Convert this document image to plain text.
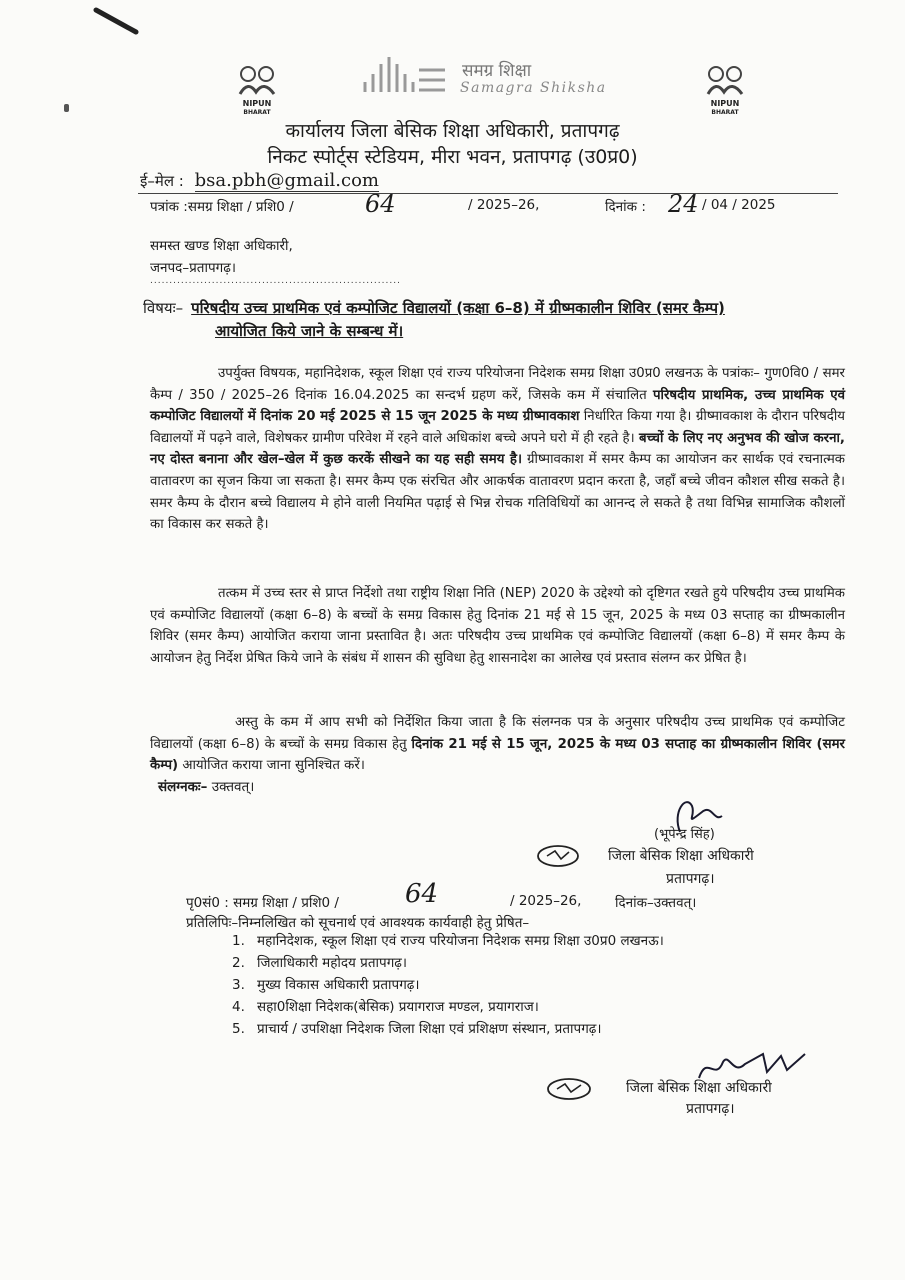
NIPUN
BHARAT
NIPUN
BHARAT
समग्र शिक्षा
Samagra Shiksha
कार्यालय जिला बेसिक शिक्षा अधिकारी, प्रतापगढ़
निकट स्पोर्ट्स स्टेडियम, मीरा भवन, प्रतापगढ़ (उ0प्र0)
ई–मेल : bsa.pbh@gmail.com
पत्रांक :समग्र शिक्षा / प्रशि0 /	64	/ 2025–26,	दिनांक : 24 / 04 / 2025
समस्त खण्ड शिक्षा अधिकारी,
जनपद–प्रतापगढ़।
.................................................................
विषयः– परिषदीय उच्च प्राथमिक एवं कम्पोजिट विद्यालयों (कक्षा 6–8) में ग्रीष्मकालीन शिविर (समर कैम्प)
आयोजित किये जाने के सम्बन्ध में।
उपर्युक्त विषयक, महानिदेशक, स्कूल शिक्षा एवं राज्य परियोजना निदेशक समग्र शिक्षा उ0प्र0 लखनऊ के पत्रांकः– गुण0वि0 / समर कैम्प / 350 / 2025–26 दिनांक 16.04.2025 का सन्दर्भ ग्रहण करें, जिसके कम में संचालित परिषदीय प्राथमिक, उच्च प्राथमिक एवं कम्पोजिट विद्यालयों में दिनांक 20 मई 2025 से 15 जून 2025 के मध्य ग्रीष्मावकाश निर्धारित किया गया है। ग्रीष्मावकाश के दौरान परिषदीय विद्यालयों में पढ़ने वाले, विशेषकर ग्रामीण परिवेश में रहने वाले अधिकांश बच्चे अपने घरो में ही रहते है। बच्चों के लिए नए अनुभव की खोज करना, नए दोस्त बनाना और खेल–खेल में कुछ करकें सीखने का यह सही समय है। ग्रीष्मावकाश में समर कैम्प का आयोजन कर सार्थक एवं रचनात्मक वातावरण का सृजन किया जा सकता है। समर कैम्प एक संरचित और आकर्षक वातावरण प्रदान करता है, जहाँ बच्चे जीवन कौशल सीख सकते है। समर कैम्प के दौरान बच्चे विद्यालय मे होने वाली नियमित पढ़ाई से भिन्न रोचक गतिविधियों का आनन्द ले सकते है तथा विभिन्न सामाजिक कौशलों का विकास कर सकते है।
तत्कम में उच्च स्तर से प्राप्त निर्देशो तथा राष्ट्रीय शिक्षा निति (NEP) 2020 के उद्देश्यो को दृष्टिगत रखते हुये परिषदीय उच्च प्राथमिक एवं कम्पोजिट विद्यालयों (कक्षा 6–8) के बच्चों के समग्र विकास हेतु दिनांक 21 मई से 15 जून, 2025 के मध्य 03 सप्ताह का ग्रीष्मकालीन शिविर (समर कैम्प) आयोजित कराया जाना प्रस्तावित है। अतः परिषदीय उच्च प्राथमिक एवं कम्पोजिट विद्यालयों (कक्षा 6–8) में समर कैम्प के आयोजन हेतु निर्देश प्रेषित किये जाने के संबंध में शासन की सुविधा हेतु शासनादेश का आलेख एवं प्रस्ताव संलग्न कर प्रेषित है।
अस्तु के कम में आप सभी को निर्देशित किया जाता है कि संलग्नक पत्र के अनुसार परिषदीय उच्च प्राथमिक एवं कम्पोजिट विद्यालयों (कक्षा 6–8) के बच्चों के समग्र विकास हेतु दिनांक 21 मई से 15 जून, 2025 के मध्य 03 सप्ताह का ग्रीष्मकालीन शिविर (समर कैम्प) आयोजित कराया जाना सुनिश्चित करें।
संलग्नकः– उक्तवत्।
(भूपेन्द्र सिंह)
जिला बेसिक शिक्षा अधिकारी
प्रतापगढ़।
पृ0सं0 : समग्र शिक्षा / प्रशि0 /	64	/ 2025–26, दिनांक–उक्तवत्।
प्रतिलिपिः–निम्नलिखित को सूचनार्थ एवं आवश्यक कार्यवाही हेतु प्रेषित–
1. महानिदेशक, स्कूल शिक्षा एवं राज्य परियोजना निदेशक समग्र शिक्षा उ0प्र0 लखनऊ।
2. जिलाधिकारी महोदय प्रतापगढ़।
3. मुख्य विकास अधिकारी प्रतापगढ़।
4. सहा0शिक्षा निदेशक(बेसिक) प्रयागराज मण्डल, प्रयागराज।
5. प्राचार्य / उपशिक्षा निदेशक जिला शिक्षा एवं प्रशिक्षण संस्थान, प्रतापगढ़।
जिला बेसिक शिक्षा अधिकारी
प्रतापगढ़।
